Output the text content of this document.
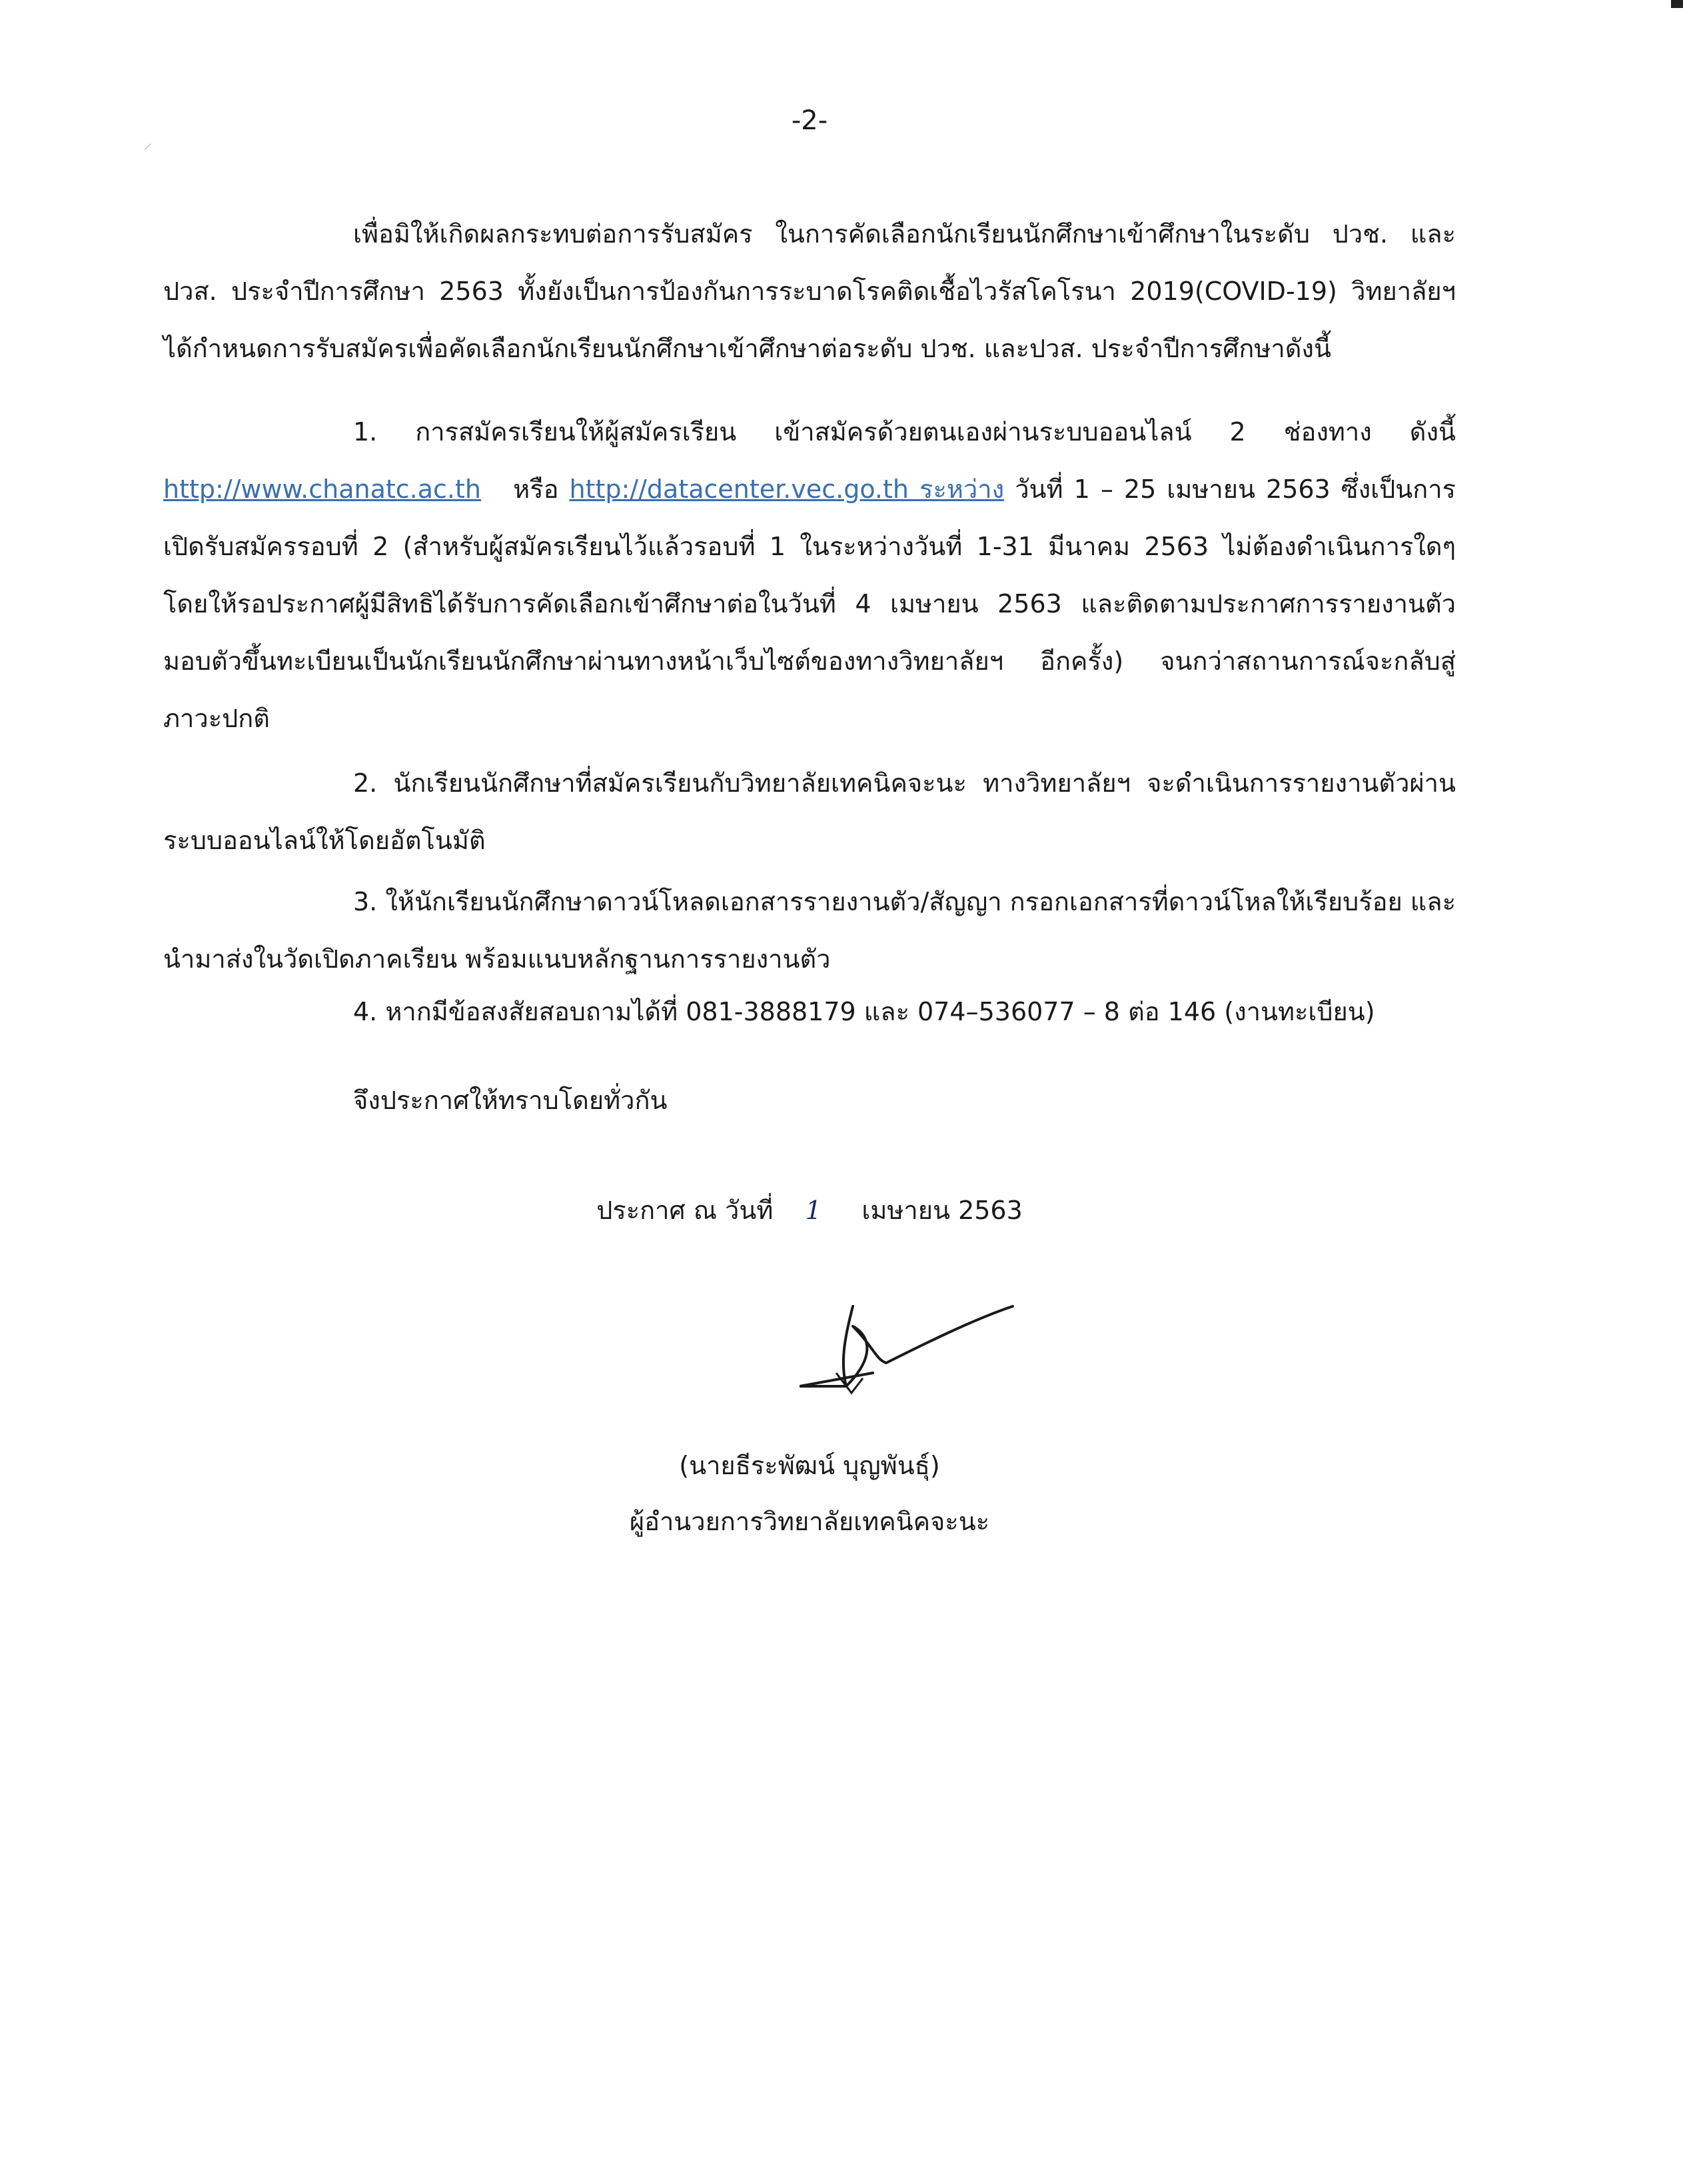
⸝
-2-

เพื่อมิให้เกิดผลกระทบต่อการรับสมัคร ในการคัดเลือกนักเรียนนักศึกษาเข้าศึกษาในระดับ ปวช. และ ปวส. ประจำปีการศึกษา 2563 ทั้งยังเป็นการป้องกันการระบาดโรคติดเชื้อไวรัสโคโรนา 2019(COVID-19) วิทยาลัยฯ ได้กำหนดการรับสมัครเพื่อคัดเลือกนักเรียนนักศึกษาเข้าศึกษาต่อระดับ ปวช. และปวส. ประจำปีการศึกษาดังนี้

1. การสมัครเรียนให้ผู้สมัครเรียน เข้าสมัครด้วยตนเองผ่านระบบออนไลน์ 2 ช่องทาง ดังนี้ http://www.chanatc.ac.th หรือ http://datacenter.vec.go.th ระหว่าง วันที่ 1 – 25 เมษายน 2563 ซึ่งเป็นการเปิดรับสมัครรอบที่ 2 (สำหรับผู้สมัครเรียนไว้แล้วรอบที่ 1 ในระหว่างวันที่ 1-31 มีนาคม 2563 ไม่ต้องดำเนินการใดๆ โดยให้รอประกาศผู้มีสิทธิได้รับการคัดเลือกเข้าศึกษาต่อในวันที่ 4 เมษายน 2563 และติดตามประกาศการรายงานตัว มอบตัวขึ้นทะเบียนเป็นนักเรียนนักศึกษาผ่านทางหน้าเว็บไซต์ของทางวิทยาลัยฯ อีกครั้ง) จนกว่าสถานการณ์จะกลับสู่ภาวะปกติ

2. นักเรียนนักศึกษาที่สมัครเรียนกับวิทยาลัยเทคนิคจะนะ ทางวิทยาลัยฯ จะดำเนินการรายงานตัวผ่านระบบออนไลน์ให้โดยอัตโนมัติ

3. ให้นักเรียนนักศึกษาดาวน์โหลดเอกสารรายงานตัว/สัญญา กรอกเอกสารที่ดาวน์โหลให้เรียบร้อย และนำมาส่งในวัดเปิดภาคเรียน พร้อมแนบหลักฐานการรายงานตัว

4. หากมีข้อสงสัยสอบถามได้ที่ 081-3888179 และ 074–536077 – 8 ต่อ 146 (งานทะเบียน)

จึงประกาศให้ทราบโดยทั่วกัน

ประกาศ ณ วันที่ 1 เมษายน 2563
(นายธีระพัฒน์ บุญพันธุ์)
ผู้อำนวยการวิทยาลัยเทคนิคจะนะ
